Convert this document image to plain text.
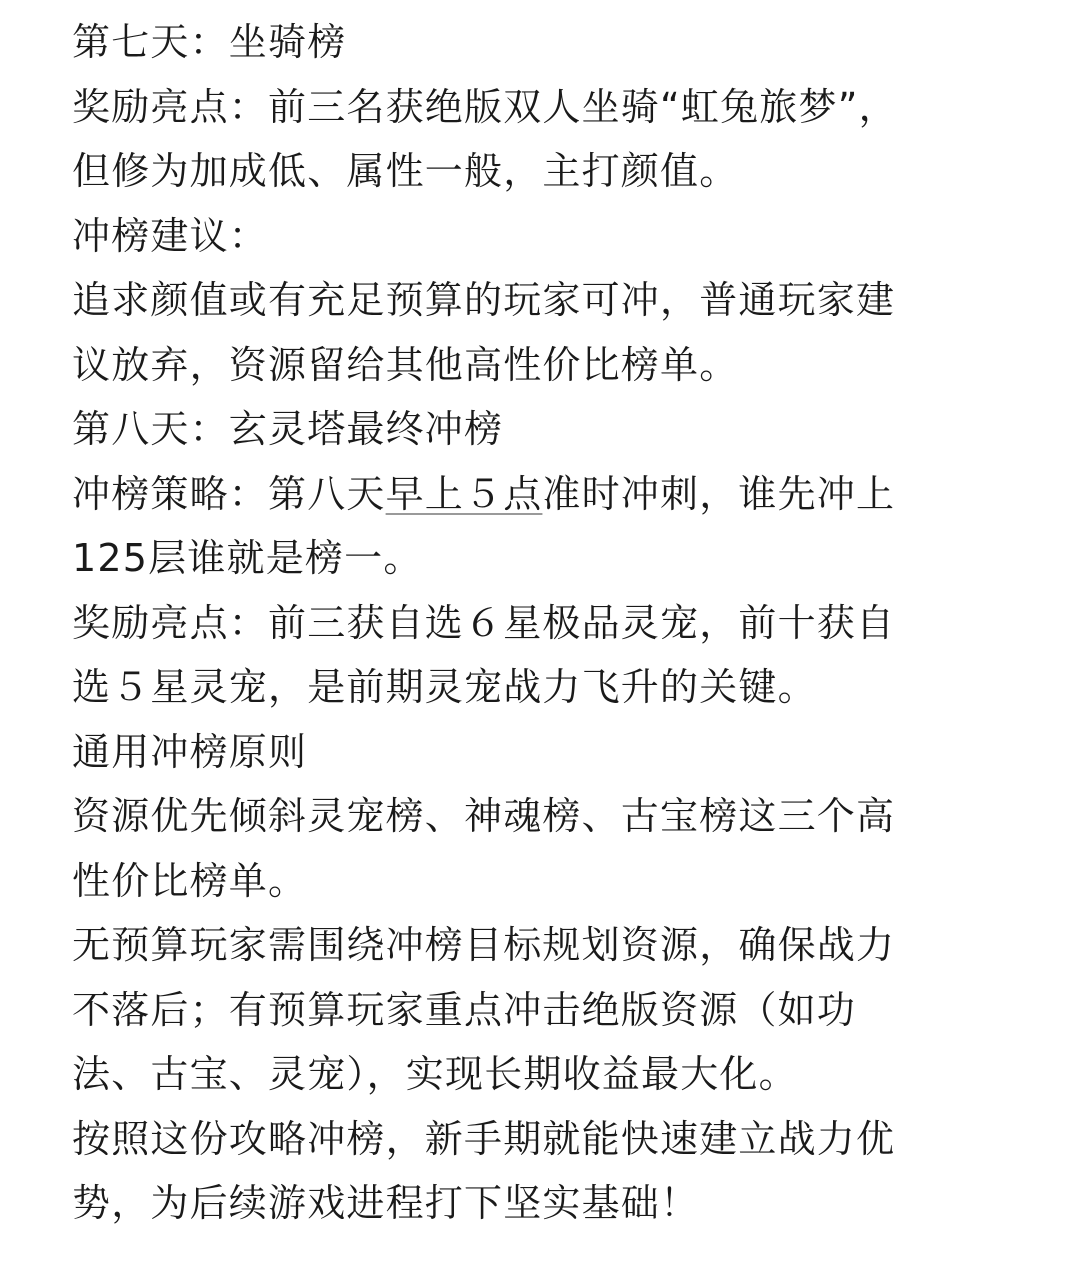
第七天：坐骑榜
奖励亮点：前三名获绝版双人坐骑“虹兔旅梦”，
但修为加成低、属性一般，主打颜值。
冲榜建议：
追求颜值或有充足预算的玩家可冲，普通玩家建
议放弃，资源留给其他高性价比榜单。
第八天：玄灵塔最终冲榜
冲榜策略：第八天早上５点准时冲刺，谁先冲上
125层谁就是榜一。
奖励亮点：前三获自选６星极品灵宠，前十获自
选５星灵宠，是前期灵宠战力飞升的关键。
通用冲榜原则
资源优先倾斜灵宠榜、神魂榜、古宝榜这三个高
性价比榜单。
无预算玩家需围绕冲榜目标规划资源，确保战力
不落后；有预算玩家重点冲击绝版资源（如功
法、古宝、灵宠），实现长期收益最大化。
按照这份攻略冲榜，新手期就能快速建立战力优
势，为后续游戏进程打下坚实基础！
